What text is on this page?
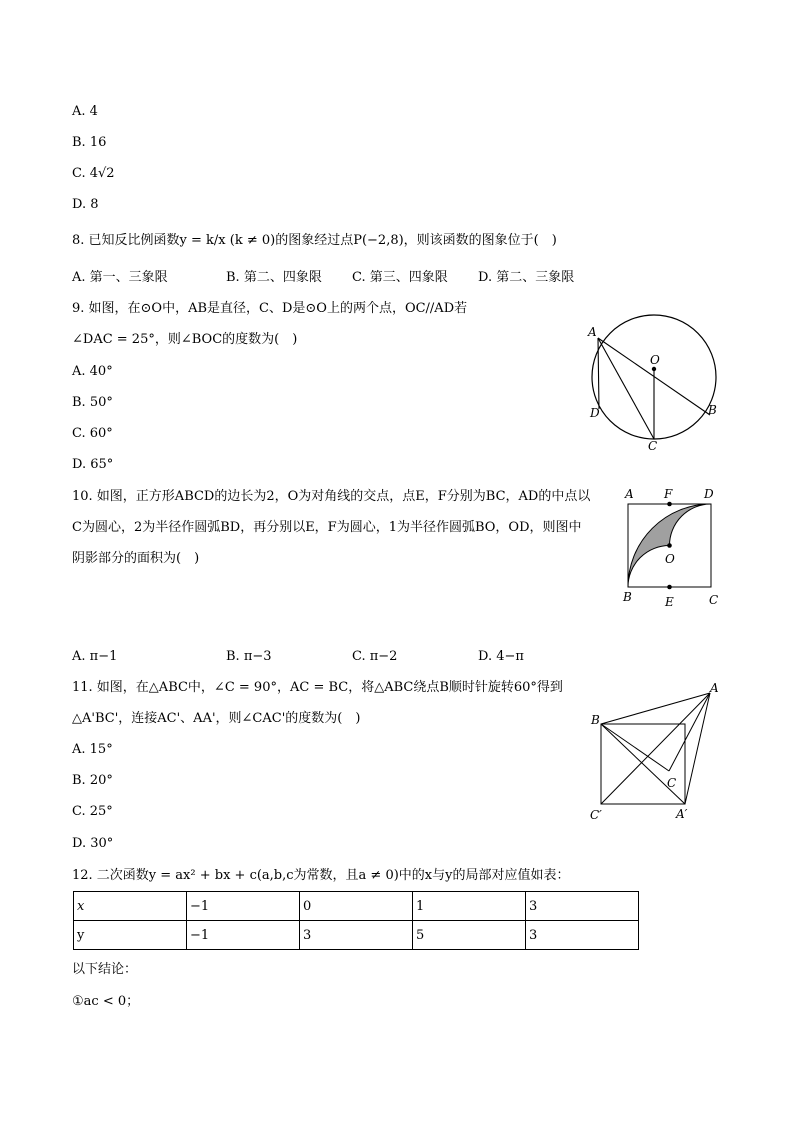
A. 4
B. 16
C. 4√2
D. 8
8. 已知反比例函数y = k/x (k ≠ 0)的图象经过点P(−2,8)，则该函数的图象位于( )
A. 第一、三象限	B. 第二、四象限 C. 第三、四象限 D. 第二、三象限
9. 如图，在⊙O中，AB是直径，C、D是⊙O上的两个点，OC//AD若
∠DAC = 25°，则∠BOC的度数为( )
A. 40°
B. 50°
C. 60°
D. 65°
A
O
B
D
C
10. 如图，正方形ABCD的边长为2，O为对角线的交点，点E，F分别为BC，AD的中点以
C为圆心，2为半径作圆弧BD，再分别以E，F为圆心，1为半径作圆弧BO，OD，则图中
阴影部分的面积为( )
A	F	D
O
B	E	C
A. π−1	B. π−3	C. π−2	D. 4−π
11. 如图，在△ABC中，∠C = 90°，AC = BC，将△ABC绕点B顺时针旋转60°得到
△A'BC'，连接AC'、AA'，则∠CAC'的度数为( )
A. 15°
B. 20°
C. 25°
D. 30°
A
B
C
C′	A′
12. 二次函数y = ax² + bx + c(a,b,c为常数，且a ≠ 0)中的x与y的局部对应值如表：
x	−1	0	1	3
y	−1	3	5	3
以下结论：
①ac < 0；
